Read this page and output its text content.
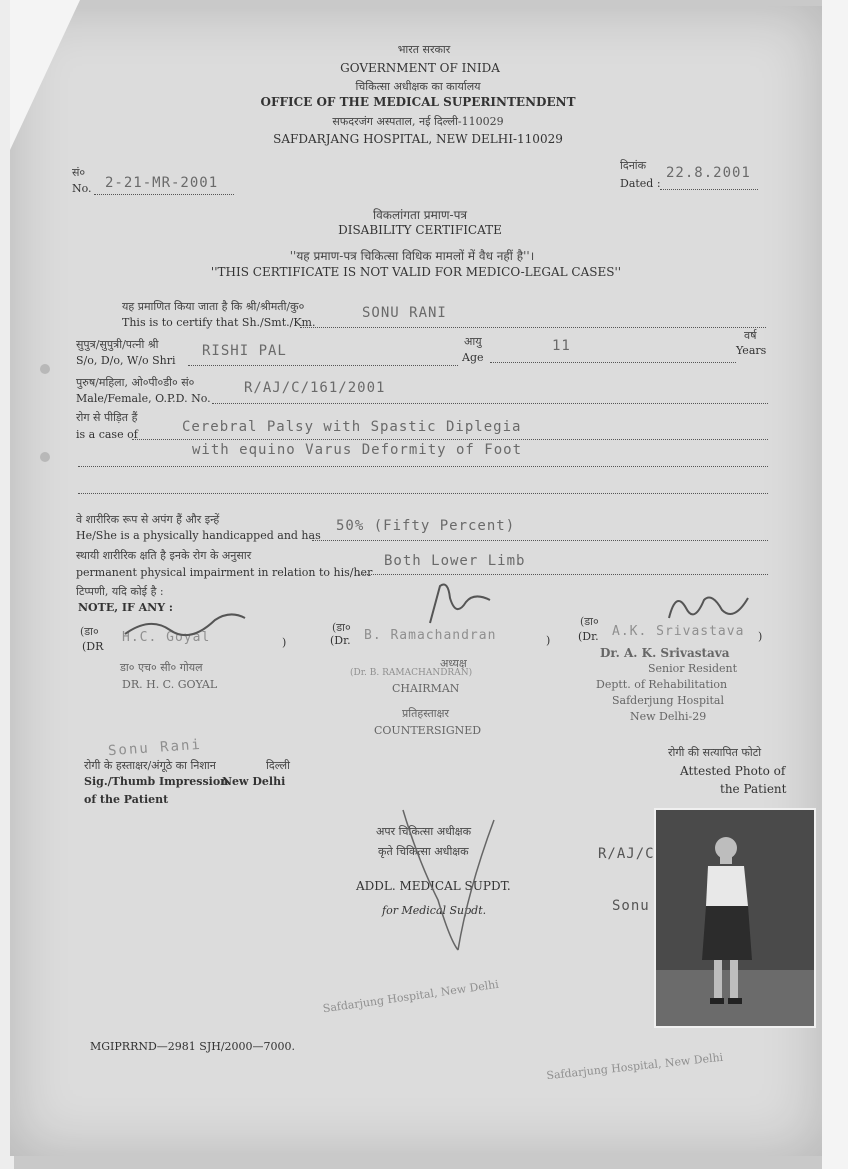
भारत सरकार
GOVERNMENT OF INIDA
चिकित्सा अधीक्षक का कार्यालय
OFFICE OF THE MEDICAL SUPERINTENDENT
सफदरजंग अस्पताल, नई दिल्ली-110029
SAFDARJANG HOSPITAL, NEW DELHI-110029
सं०
No. 2-21-MR-2001
दिनांक
Dated :
22.8.2001
विकलांगता प्रमाण-पत्र
DISABILITY CERTIFICATE
''यह प्रमाण-पत्र चिकित्सा विधिक मामलों में वैध नहीं है''।
''THIS CERTIFICATE IS NOT VALID FOR MEDICO-LEGAL CASES''
यह प्रमाणित किया जाता है कि श्री/श्रीमती/कु०
This is to certify that Sh./Smt./Km.
SONU RANI
सुपुत्र/सुपुत्री/पत्नी श्री
S/o, D/o, W/o Shri
RISHI PAL
आयु
Age
11
वर्ष
Years
पुरुष/महिला, ओ०पी०डी० सं०
Male/Female, O.P.D. No.
R/AJ/C/161/2001
रोग से पीड़ित हैं
is a case of	Cerebral Palsy with Spastic Diplegia
with equino Varus Deformity of Foot
वे शारीरिक रूप से अपंग हैं और इन्हें
He/She is a physically handicapped and has
50% (Fifty Percent)
स्थायी शारीरिक क्षति है इनके रोग के अनुसार
permanent physical impairment in relation to his/her
Both Lower Limb
टिप्पणी, यदि कोई है :
NOTE, IF ANY :
(डा०
(DR
H.C. Goyal	)
डा० एच० सी० गोयल
DR. H. C. GOYAL
(डा०
(Dr. B. Ramachandran	)
अध्यक्ष
(Dr. B. RAMACHANDRAN)
CHAIRMAN
प्रतिहस्ताक्षर
COUNTERSIGNED
(डा०
(Dr. A.K. Srivastava )
Dr. A. K. Srivastava
Senior Resident
Deptt. of Rehabilitation
Safderjung Hospital
New Delhi-29
Sonu Rani
रोगी के हस्ताक्षर/अंगूठे का निशान	दिल्ली
Sig./Thumb Impression
New Delhi
of the Patient
रोगी की सत्यापित फोटो
Attested Photo of
the Patient
अपर चिकित्सा अधीक्षक
कृते चिकित्सा अधीक्षक
ADDL. MEDICAL SUPDT.
for Medical Supdt.
Safdarjung Hospital, New Delhi
Safdarjung Hospital, New Delhi
R/AJ/C
Sonu
MGIPRRND—2981 SJH/2000—7000.
